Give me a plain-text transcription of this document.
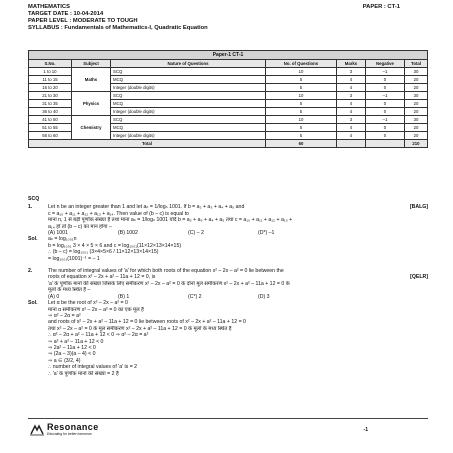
MATHEMATICS	PAPER : CT-1
TARGET DATE : 10-04-2014
PAPER LEVEL : MODERATE TO TOUGH
SYLLABUS : Fundamentals of Mathematics-I, Quadratic Equation
Paper-1 CT-1						
S.No.	Subject	Nature of Questions	No. of Questions	Marks	Negative	Total
1 to 10	Maths	SCQ	10	3	–1	30
11 to 15		MCQ	5	4	0	20
16 to 20		Integer (double digits)	5	4	0	20
21 to 30	Physics	SCQ	10	3	–1	30
31 to 35		MCQ	5	4	0	20
36 to 40		Integer (double digits)	5	4	0	20
41 to 50	Chemistry	SCQ	10	3	–1	30
51 to 55		MCQ	5	4	0	20
56 to 60		Integer (double digits)	5	4	0	20
Total			60			210
SCQ
1.	Let n be an integer greater than 1 and let aₙ = 1/logₙ 1001. If b = a₂ + a₃ + a₄ + a₅ and	[BALG]
c = a₁₀ + a₁₁ + a₁₂ + a₁₃ + a₁₄. Then value of (b – c) is equal to
माना n, 1 से बड़ी पूर्णांक संख्या है तथा माना aₙ = 1/logₙ 1001 यदि b = a₂ + a₃ + a₄ + a₅ तथा c = a₁₀ + a₁₁ + a₁₂ + a₁₃ +
a₁₄ हो तो (b – c) का मान होगा –
(A) 1001	(B) 1002	(C) – 2	(D*) –1
Sol.	aₙ = log₁₀₀₁n
b = log₁₀₀₁ 3 × 4 × 5 × 6 and c = log₁₀₀₁(11×12×13×14×15)
∴ (b – c) = log₁₀₀₁ (3×4×5×6 / 11×12×13×14×15)
= log₁₀₀₁(1001)⁻¹ = – 1
2.	The number of integral values of 'a' for which both roots of the equation x² – 2x – a² = 0 lie between the
roots of equation x² – 2x + a² – 11a + 12 = 0, is	[QELR]
'a' के पूर्णांक मानों की संख्या जिसके लिए समीकरण x² – 2x – a² = 0 के दोनों मूल समीकरण x² – 2x + a² – 11a + 12 = 0 के
मूलों के मध्य स्थित है –
(A) 0	(B) 1	(C*) 2	(D) 3
Sol.	Let α be the root of x² – 2x – a² = 0
माना α समीकरण x² – 2x – a² = 0 का एक मूल है
⇒ α² – 2α = a²
and roots of x² – 2x + a² – 11a + 12 = 0 lie between roots of x² – 2x + a² – 11a + 12 = 0
तथा x² – 2x – a² = 0 के मूल समीकरण x² – 2x + a² – 11a + 12 = 0 के मूलों के मध्य स्थित है
∴ α² – 2α + a² – 11a + 12 < 0 ⇒ α² – 2α = a²
⇒ a² + a² – 11a + 12 < 0
⇒ 2a² – 11a + 12 < 0
⇒ (2a – 3)(a – 4) < 0
⇒ a ∈ (3/2, 4)
∴ number of integral values of 'a' is = 2
∴ 'a' के पूर्णांक मानों की संख्या = 2 है
Resonance
Educating for better tomorrow
-1
